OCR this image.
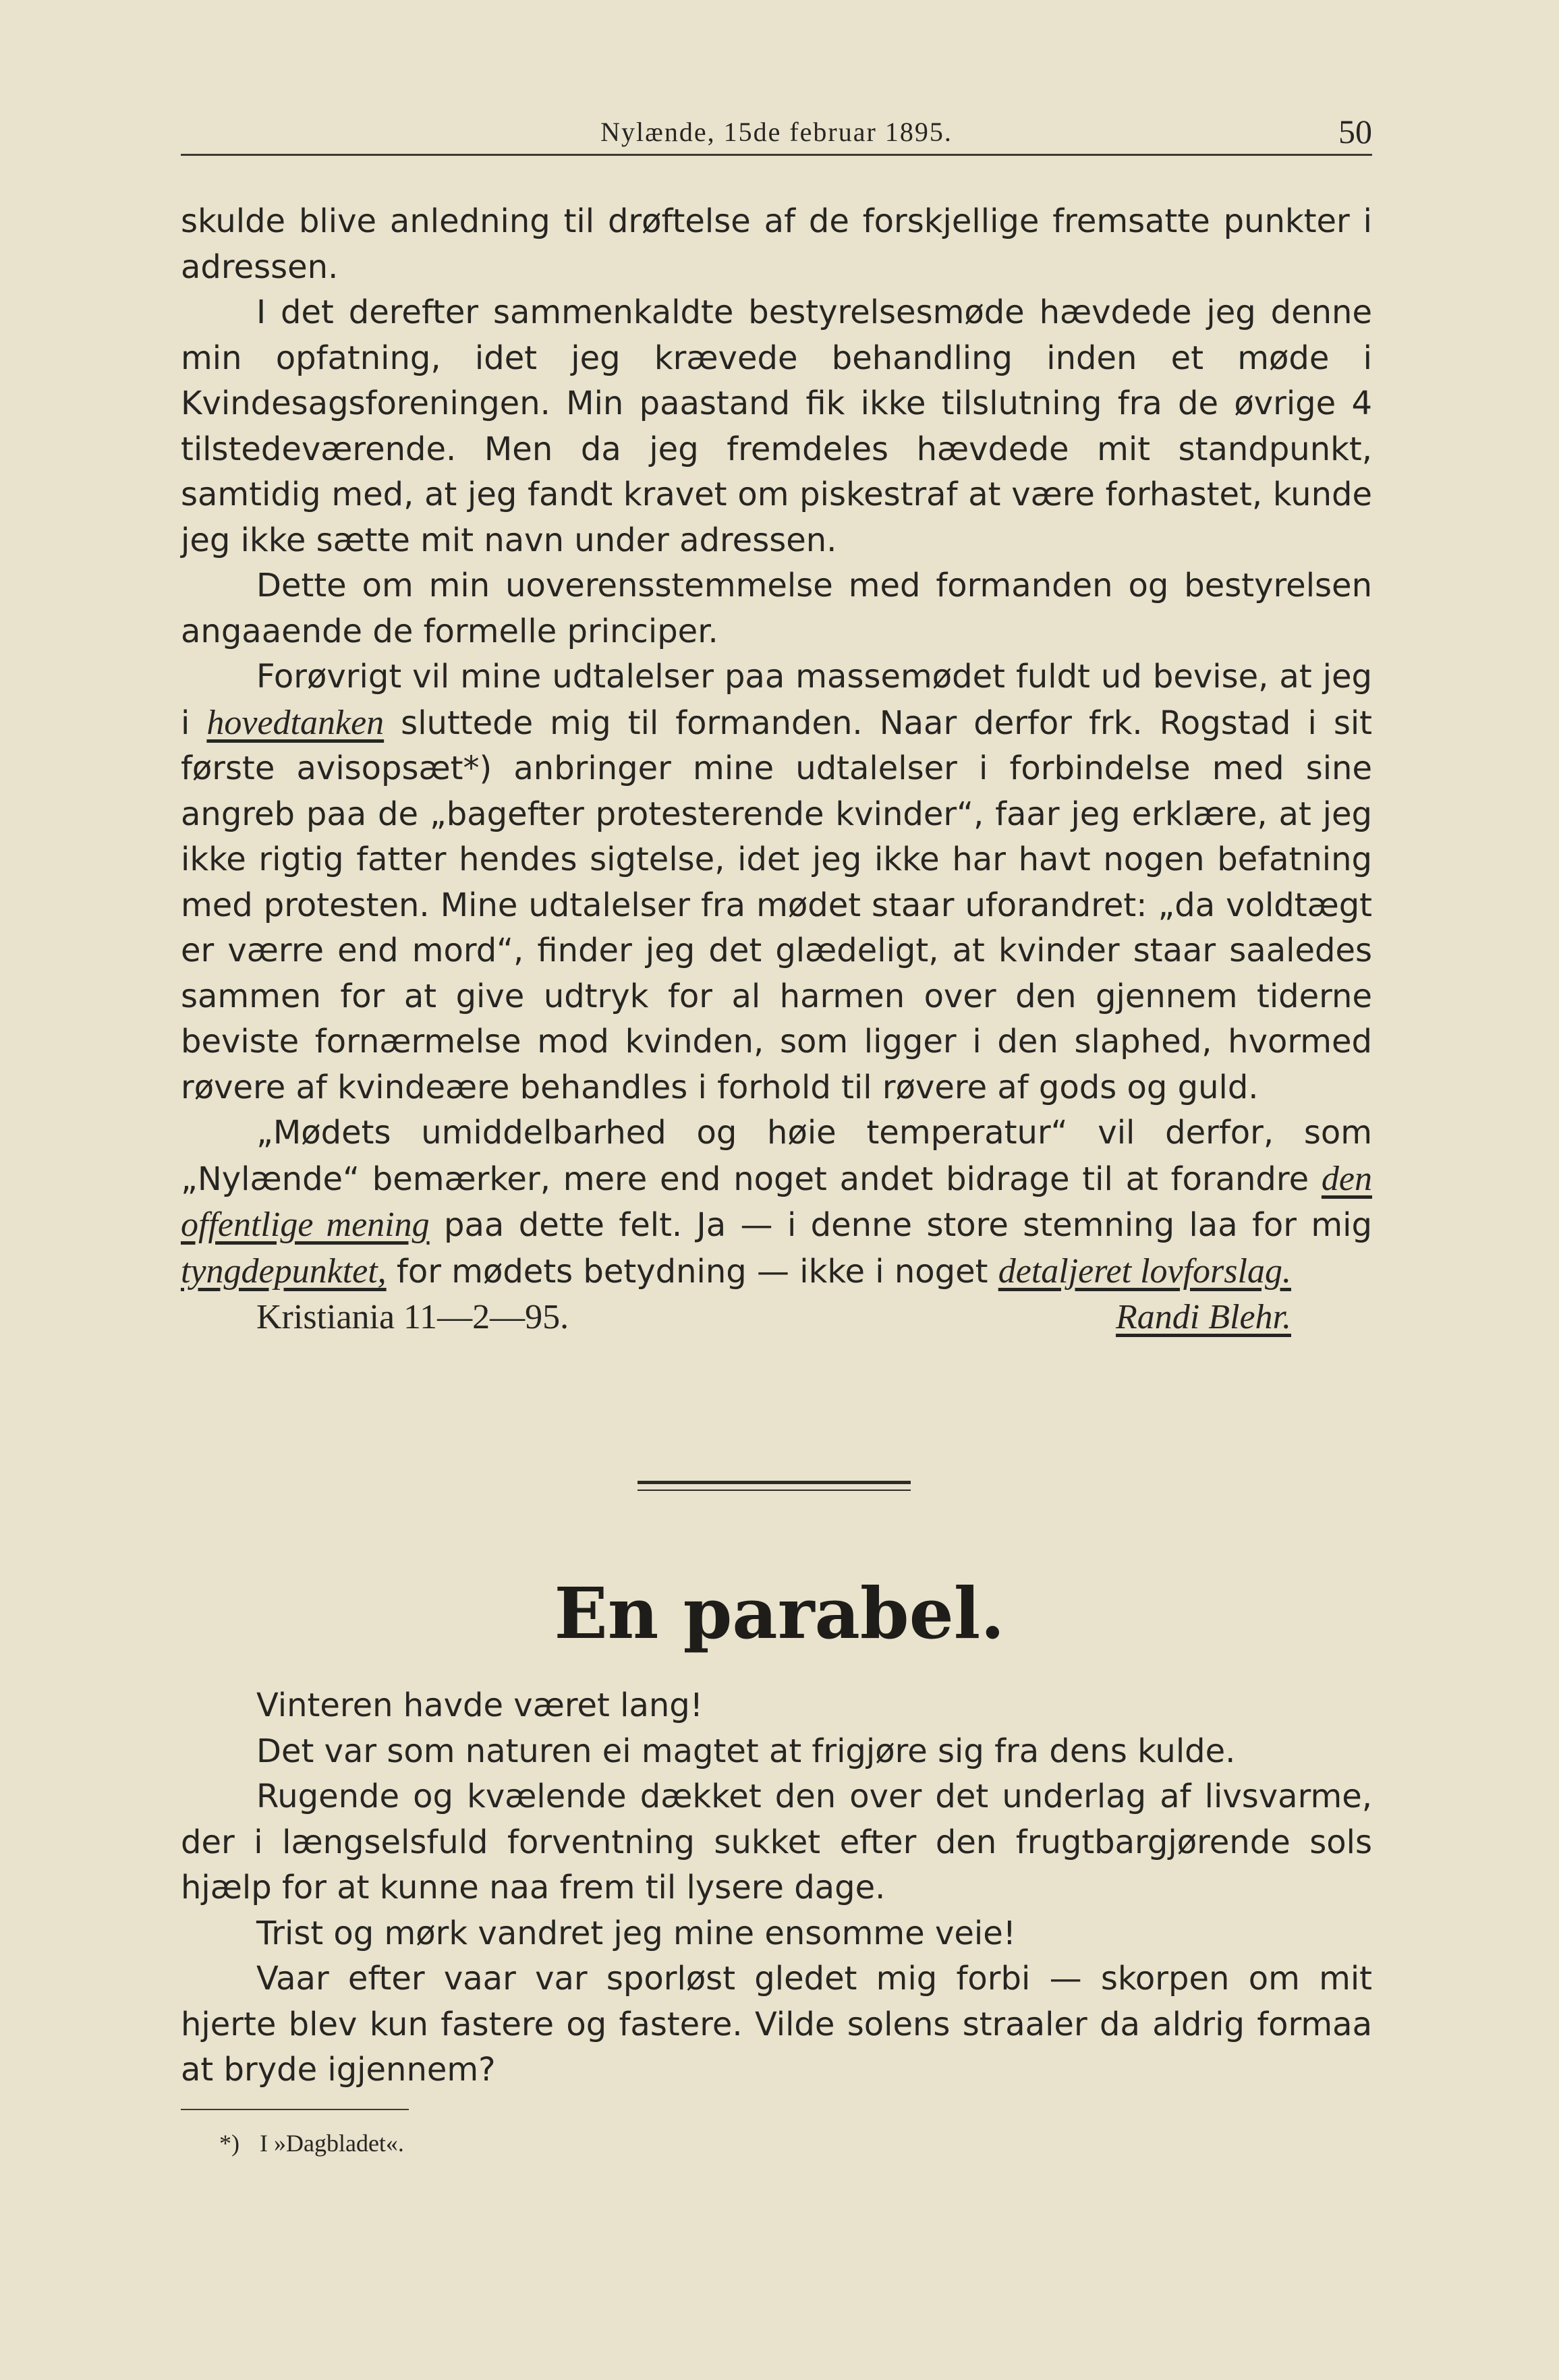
Nylænde, 15de februar 1895.	50

skulde blive anledning til drøftelse af de forskjellige fremsatte punkter i adressen.

I det derefter sammenkaldte bestyrelsesmøde hævdede jeg denne min opfatning, idet jeg krævede behandling inden et møde i Kvindesagsforeningen. Min paastand fik ikke tilslutning fra de øvrige 4 tilstedeværende. Men da jeg fremdeles hævdede mit standpunkt, samtidig med, at jeg fandt kravet om piskestraf at være forhastet, kunde jeg ikke sætte mit navn under adressen.

Dette om min uoverensstemmelse med formanden og bestyrelsen angaaende de formelle principer.

Forøvrigt vil mine udtalelser paa massemødet fuldt ud bevise, at jeg i hovedtanken sluttede mig til formanden. Naar derfor frk. Rogstad i sit første avisopsæt*) anbringer mine udtalelser i forbindelse med sine angreb paa de „bagefter protesterende kvinder“, faar jeg erklære, at jeg ikke rigtig fatter hendes sigtelse, idet jeg ikke har havt nogen befatning med protesten. Mine udtalelser fra mødet staar uforandret: „da voldtægt er værre end mord“, finder jeg det glædeligt, at kvinder staar saaledes sammen for at give udtryk for al harmen over den gjennem tiderne beviste fornærmelse mod kvinden, som ligger i den slaphed, hvormed røvere af kvindeære behandles i forhold til røvere af gods og guld.

„Mødets umiddelbarhed og høie temperatur“ vil derfor, som „Nylænde“ bemærker, mere end noget andet bidrage til at forandre den offentlige mening paa dette felt. Ja — i denne store stemning laa for mig tyngdepunktet, for mødets betydning — ikke i noget detaljeret lovforslag.

Kristiania 11—2—95.	Randi Blehr.
En parabel.

Vinteren havde været lang!

Det var som naturen ei magtet at frigjøre sig fra dens kulde.

Rugende og kvælende dækket den over det underlag af livsvarme, der i længselsfuld forventning sukket efter den frugtbargjørende sols hjælp for at kunne naa frem til lysere dage.

Trist og mørk vandret jeg mine ensomme veie!

Vaar efter vaar var sporløst gledet mig forbi — skorpen om mit hjerte blev kun fastere og fastere. Vilde solens straaler da aldrig formaa at bryde igjennem?

*) I »Dagbladet«.
